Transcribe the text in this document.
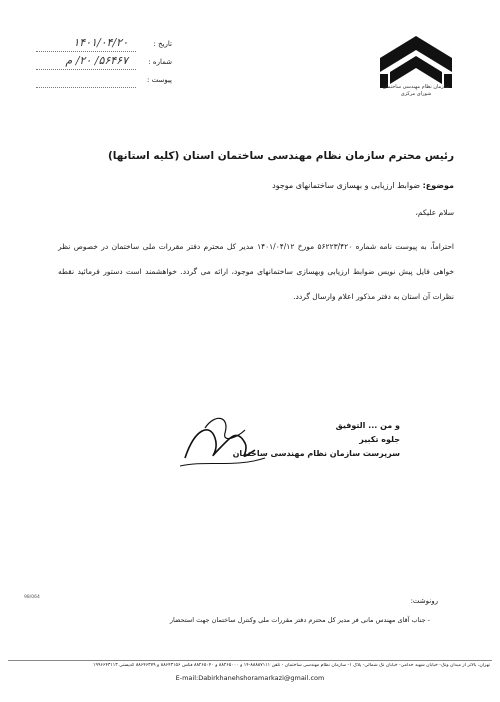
سازمان نظام مهندسی ساختمان
شورای مرکزی
تاریخ :
۱۴۰۱/۰۴/۲۰
شماره :
۵۶۴۶۷/ ۲۰/ م
پیوست :
رئیس محترم سازمان نظام مهندسی ساختمان استان (کلیه استانها)
موضوع: ضوابط ارزیابی و بهسازی ساختمانهای موجود
سلام علیکم،
احتراماً، به پیوست نامه شماره ۵۶۲۲۳/۴۲۰ مورخ ۱۴۰۱/۰۴/۱۲ مدیر کل محترم دفتر مقررات ملی ساختمان در خصوص نظر خواهی فایل پیش نویس ضوابط ارزیابی وبهسازی ساختمانهای موجود، ارائه می گردد. خواهشمند است دستور فرمائید نقطه نظرات آن استان به دفتر مذکور اعلام وارسال گردد.
و من ... التوفیق
جلوه تکبیر
سرپرست سازمان نظام مهندسی ساختمان
98/064	رونوشت:
- جناب آقای مهندس مانی فر مدیر کل محترم دفتر مقررات ملی وکنترل ساختمان جهت استحضار
تهران، بالاتر از میدان ونک- خیابان شهید خدامی- خیابان نک شمالی- پلاک ۱- سازمان نظام مهندسی ساختمان - تلفن ۸۸۸۸۷۱۱۱-۱۴ و ۸۸۲۶۵۰۰۰ و ۸۸۲۶۵۰۴۰ فکس ۸۸۶۴۳۱۵۶ و ۸۸۶۴۶۳۷۹ کدپستی ۱۹۹۶۶۴۳۱۱۳
E-mail:Dabirkhanehshoramarkazi@gmail.com
